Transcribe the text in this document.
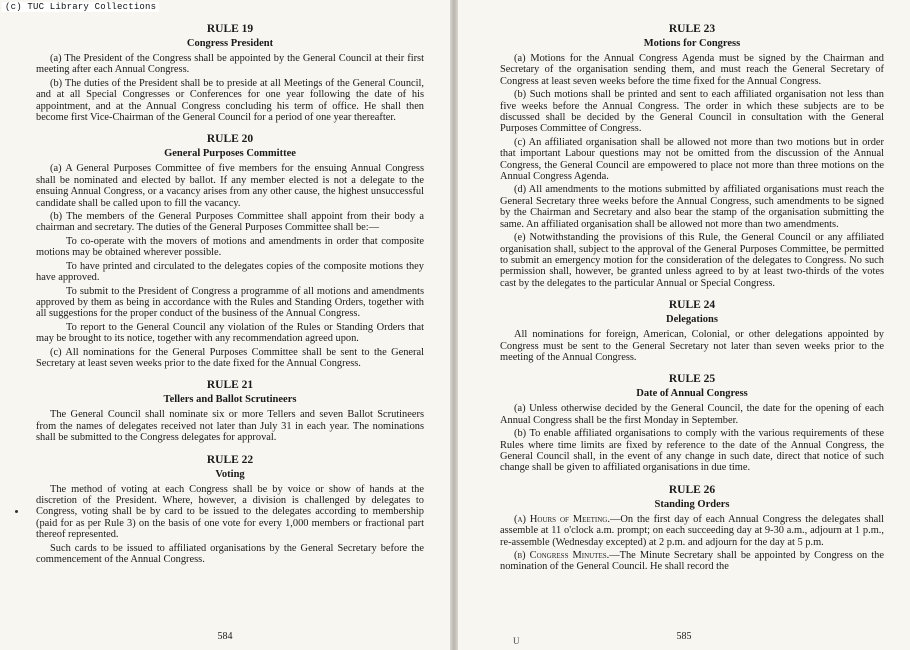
(c) TUC Library Collections

RULE 19

Congress President

(a) The President of the Congress shall be appointed by the General Council at their first meeting after each Annual Congress.

(b) The duties of the President shall be to preside at all Meetings of the General Council, and at all Special Congresses or Conferences for one year following the date of his appointment, and at the Annual Congress concluding his term of office. He shall then become first Vice-Chairman of the General Council for a period of one year thereafter.

RULE 20

General Purposes Committee

(a) A General Purposes Committee of five members for the ensuing Annual Congress shall be nominated and elected by ballot. If any member elected is not a delegate to the ensuing Annual Congress, or a vacancy arises from any other cause, the highest unsuccessful candidate shall be called upon to fill the vacancy.

(b) The members of the General Purposes Committee shall appoint from their body a chairman and secretary. The duties of the General Purposes Committee shall be:—

To co-operate with the movers of motions and amendments in order that composite motions may be obtained wherever possible.

To have printed and circulated to the delegates copies of the composite motions they have approved.

To submit to the President of Congress a programme of all motions and amendments approved by them as being in accordance with the Rules and Standing Orders, together with all suggestions for the proper conduct of the business of the Annual Congress.

To report to the General Council any violation of the Rules or Standing Orders that may be brought to its notice, together with any recommendation agreed upon.

(c) All nominations for the General Purposes Committee shall be sent to the General Secretary at least seven weeks prior to the date fixed for the Annual Congress.

RULE 21

Tellers and Ballot Scrutineers

The General Council shall nominate six or more Tellers and seven Ballot Scrutineers from the names of delegates received not later than July 31 in each year. The nominations shall be submitted to the Congress delegates for approval.

RULE 22

Voting

The method of voting at each Congress shall be by voice or show of hands at the discretion of the President. Where, however, a division is challenged by delegates to Congress, voting shall be by card to be issued to the delegates according to membership (paid for as per Rule 3) on the basis of one vote for every 1,000 members or fractional part thereof represented.

Such cards to be issued to affiliated organisations by the General Secretary before the commencement of the Annual Congress.

RULE 23

Motions for Congress

(a) Motions for the Annual Congress Agenda must be signed by the Chairman and Secretary of the organisation sending them, and must reach the General Secretary of Congress at least seven weeks before the time fixed for the Annual Congress.

(b) Such motions shall be printed and sent to each affiliated organisation not less than five weeks before the Annual Congress. The order in which these subjects are to be discussed shall be decided by the General Council in consultation with the General Purposes Committee of Congress.

(c) An affiliated organisation shall be allowed not more than two motions but in order that important Labour questions may not be omitted from the discussion of the Annual Congress, the General Council are empowered to place not more than three motions on the Annual Congress Agenda.

(d) All amendments to the motions submitted by affiliated organisations must reach the General Secretary three weeks before the Annual Congress, such amendments to be signed by the Chairman and Secretary and also bear the stamp of the organisation submitting the same. An affiliated organisation shall be allowed not more than two amendments.

(e) Notwithstanding the provisions of this Rule, the General Council or any affiliated organisation shall, subject to the approval of the General Purposes Committee, be permitted to submit an emergency motion for the consideration of the delegates to Congress. No such permission shall, however, be granted unless agreed to by at least two-thirds of the votes cast by the delegates to the particular Annual or Special Congress.

RULE 24

Delegations

All nominations for foreign, American, Colonial, or other delegations appointed by Congress must be sent to the General Secretary not later than seven weeks prior to the meeting of the Annual Congress.

RULE 25

Date of Annual Congress

(a) Unless otherwise decided by the General Council, the date for the opening of each Annual Congress shall be the first Monday in September.

(b) To enable affiliated organisations to comply with the various requirements of these Rules where time limits are fixed by reference to the date of the Annual Congress, the General Council shall, in the event of any change in such date, direct that notice of such change shall be given to affiliated organisations in due time.

RULE 26

Standing Orders

(a) Hours of Meeting.—On the first day of each Annual Congress the delegates shall assemble at 11 o'clock a.m. prompt; on each succeeding day at 9-30 a.m., adjourn at 1 p.m., re-assemble (Wednesday excepted) at 2 p.m. and adjourn for the day at 5 p.m.

(b) Congress Minutes.—The Minute Secretary shall be appointed by Congress on the nomination of the General Council. He shall record the

584	585
U
